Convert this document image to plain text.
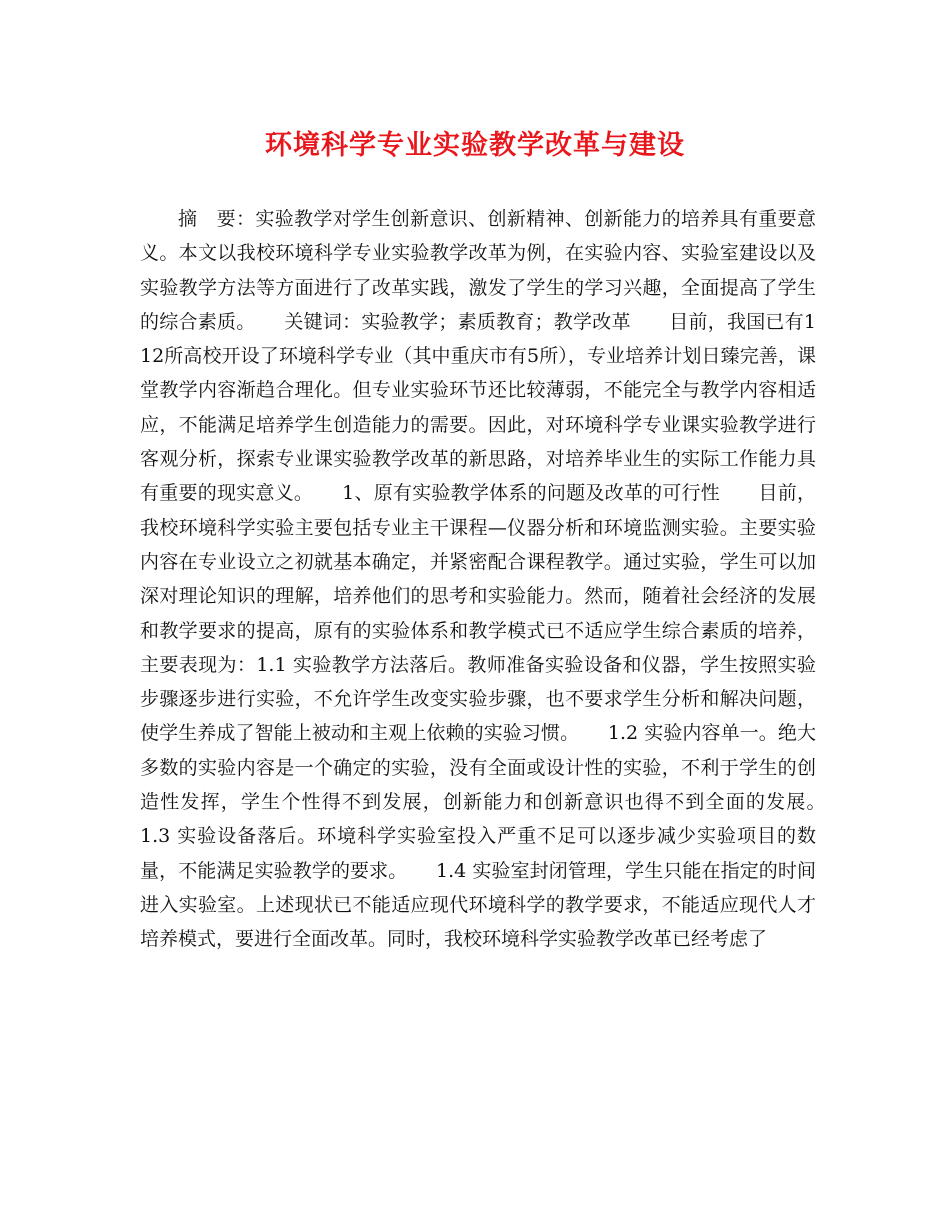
环境科学专业实验教学改革与建设

摘　要：实验教学对学生创新意识、创新精神、创新能力的培养具有重要意义。本文以我校环境科学专业实验教学改革为例，在实验内容、实验室建设以及实验教学方法等方面进行了改革实践，激发了学生的学习兴趣，全面提高了学生的综合素质。　　关键词：实验教学；素质教育；教学改革　　目前，我国已有112所高校开设了环境科学专业（其中重庆市有5所），专业培养计划日臻完善，课堂教学内容渐趋合理化。但专业实验环节还比较薄弱，不能完全与教学内容相适应，不能满足培养学生创造能力的需要。因此，对环境科学专业课实验教学进行客观分析，探索专业课实验教学改革的新思路，对培养毕业生的实际工作能力具有重要的现实意义。　　1、原有实验教学体系的问题及改革的可行性　　目前，我校环境科学实验主要包括专业主干课程—仪器分析和环境监测实验。主要实验内容在专业设立之初就基本确定，并紧密配合课程教学。通过实验，学生可以加深对理论知识的理解，培养他们的思考和实验能力。然而，随着社会经济的发展和教学要求的提高，原有的实验体系和教学模式已不适应学生综合素质的培养，主要表现为：1.1 实验教学方法落后。教师准备实验设备和仪器，学生按照实验步骤逐步进行实验，不允许学生改变实验步骤，也不要求学生分析和解决问题，使学生养成了智能上被动和主观上依赖的实验习惯。　　1.2 实验内容单一。绝大多数的实验内容是一个确定的实验，没有全面或设计性的实验，不利于学生的创造性发挥，学生个性得不到发展，创新能力和创新意识也得不到全面的发展。　　1.3 实验设备落后。环境科学实验室投入严重不足可以逐步减少实验项目的数量，不能满足实验教学的要求。　　1.4 实验室封闭管理，学生只能在指定的时间进入实验室。上述现状已不能适应现代环境科学的教学要求，不能适应现代人才培养模式，要进行全面改革。同时，我校环境科学实验教学改革已经考虑了
